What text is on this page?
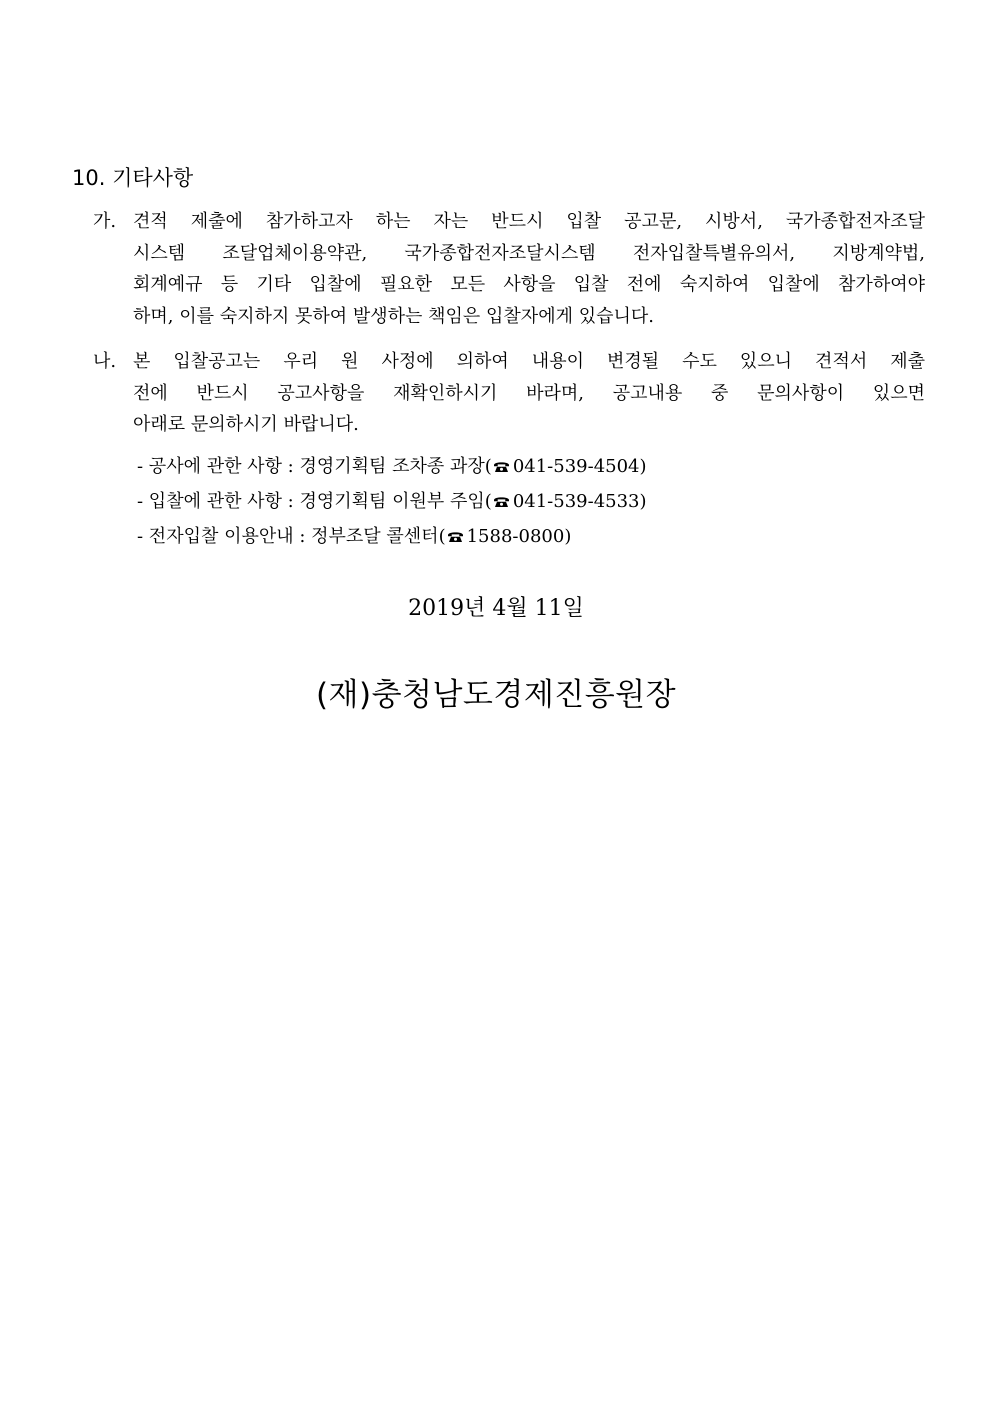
10. 기타사항
가. 견적 제출에 참가하고자 하는 자는 반드시 입찰 공고문, 시방서, 국가종합전자조달
시스템 조달업체이용약관, 국가종합전자조달시스템 전자입찰특별유의서, 지방계약법,
회계예규 등 기타 입찰에 필요한 모든 사항을 입찰 전에 숙지하여 입찰에 참가하여야
하며, 이를 숙지하지 못하여 발생하는 책임은 입찰자에게 있습니다.
나. 본 입찰공고는 우리 원 사정에 의하여 내용이 변경될 수도 있으니 견적서 제출
전에 반드시 공고사항을 재확인하시기 바라며, 공고내용 중 문의사항이 있으면
아래로 문의하시기 바랍니다.
- 공사에 관한 사항 : 경영기획팀 조차종 과장( 041-539-4504)
- 입찰에 관한 사항 : 경영기획팀 이원부 주임( 041-539-4533)
- 전자입찰 이용안내 : 정부조달 콜센터( 1588-0800)
2019년 4월 11일
(재)충청남도경제진흥원장
